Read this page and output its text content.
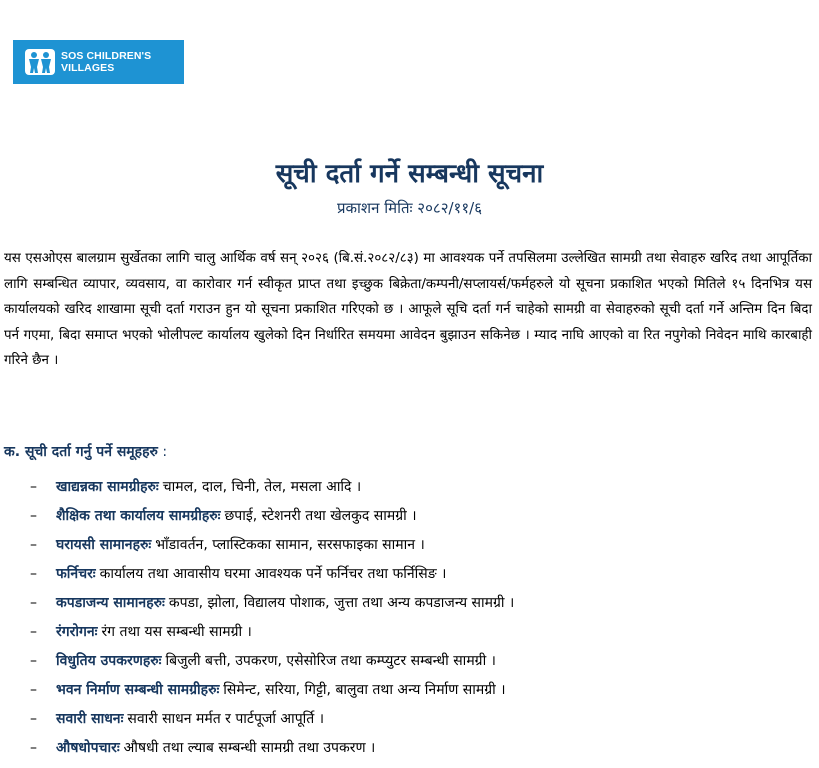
SOS CHILDREN'S
VILLAGES
सूची दर्ता गर्ने सम्बन्धी सूचना
प्रकाशन मितिः २०८२/११/६
यस एसओएस बालग्राम सुर्खेतका लागि चालु आर्थिक वर्ष सन् २०२६ (बि.सं.२०८२/८३) मा आवश्यक पर्ने तपसिलमा उल्लेखित सामग्री तथा सेवाहरु खरिद तथा आपूर्तिका लागि सम्बन्धित व्यापार, व्यवसाय, वा कारोवार गर्न स्वीकृत प्राप्त तथा इच्छुक बिक्रेता/कम्पनी/सप्लायर्स/फर्महरुले यो सूचना प्रकाशित भएको मितिले १५ दिनभित्र यस कार्यालयको खरिद शाखामा सूची दर्ता गराउन हुन यो सूचना प्रकाशित गरिएको छ । आफूले सूचि दर्ता गर्न चाहेको सामग्री वा सेवाहरुको सूची दर्ता गर्ने अन्तिम दिन बिदा पर्न गएमा, बिदा समाप्त भएको भोलीपल्ट कार्यालय खुलेको दिन निर्धारित समयमा आवेदन बुझाउन सकिनेछ । म्याद नाघि आएको वा रित नपुगेको निवेदन माथि कारबाही गरिने छैन ।
क. सूची दर्ता गर्नु पर्ने समूहहरु :
–	खाद्यन्नका सामग्रीहरुः चामल, दाल, चिनी, तेल, मसला आदि ।
–	शैक्षिक तथा कार्यालय सामग्रीहरुः छपाई, स्टेशनरी तथा खेलकुद सामग्री ।
–	घरायसी सामानहरुः भाँडावर्तन, प्लास्टिकका सामान, सरसफाइका सामान ।
–	फर्निचरः कार्यालय तथा आवासीय घरमा आवश्यक पर्ने फर्निचर तथा फर्निसिङ ।
–	कपडाजन्य सामानहरुः कपडा, झोला, विद्यालय पोशाक, जुत्ता तथा अन्य कपडाजन्य सामग्री ।
–	रंगरोगनः रंग तथा यस सम्बन्धी सामग्री ।
–	विधुतिय उपकरणहरुः बिजुली बत्ती, उपकरण, एसेसोरिज तथा कम्प्युटर सम्बन्धी सामग्री ।
–	भवन निर्माण सम्बन्धी सामग्रीहरुः सिमेन्ट, सरिया, गिट्टी, बालुवा तथा अन्य निर्माण सामग्री ।
–	सवारी साधनः सवारी साधन मर्मत र पार्टपूर्जा आपूर्ति ।
–	औषधोपचारः औषधी तथा ल्याब सम्बन्धी सामग्री तथा उपकरण ।
